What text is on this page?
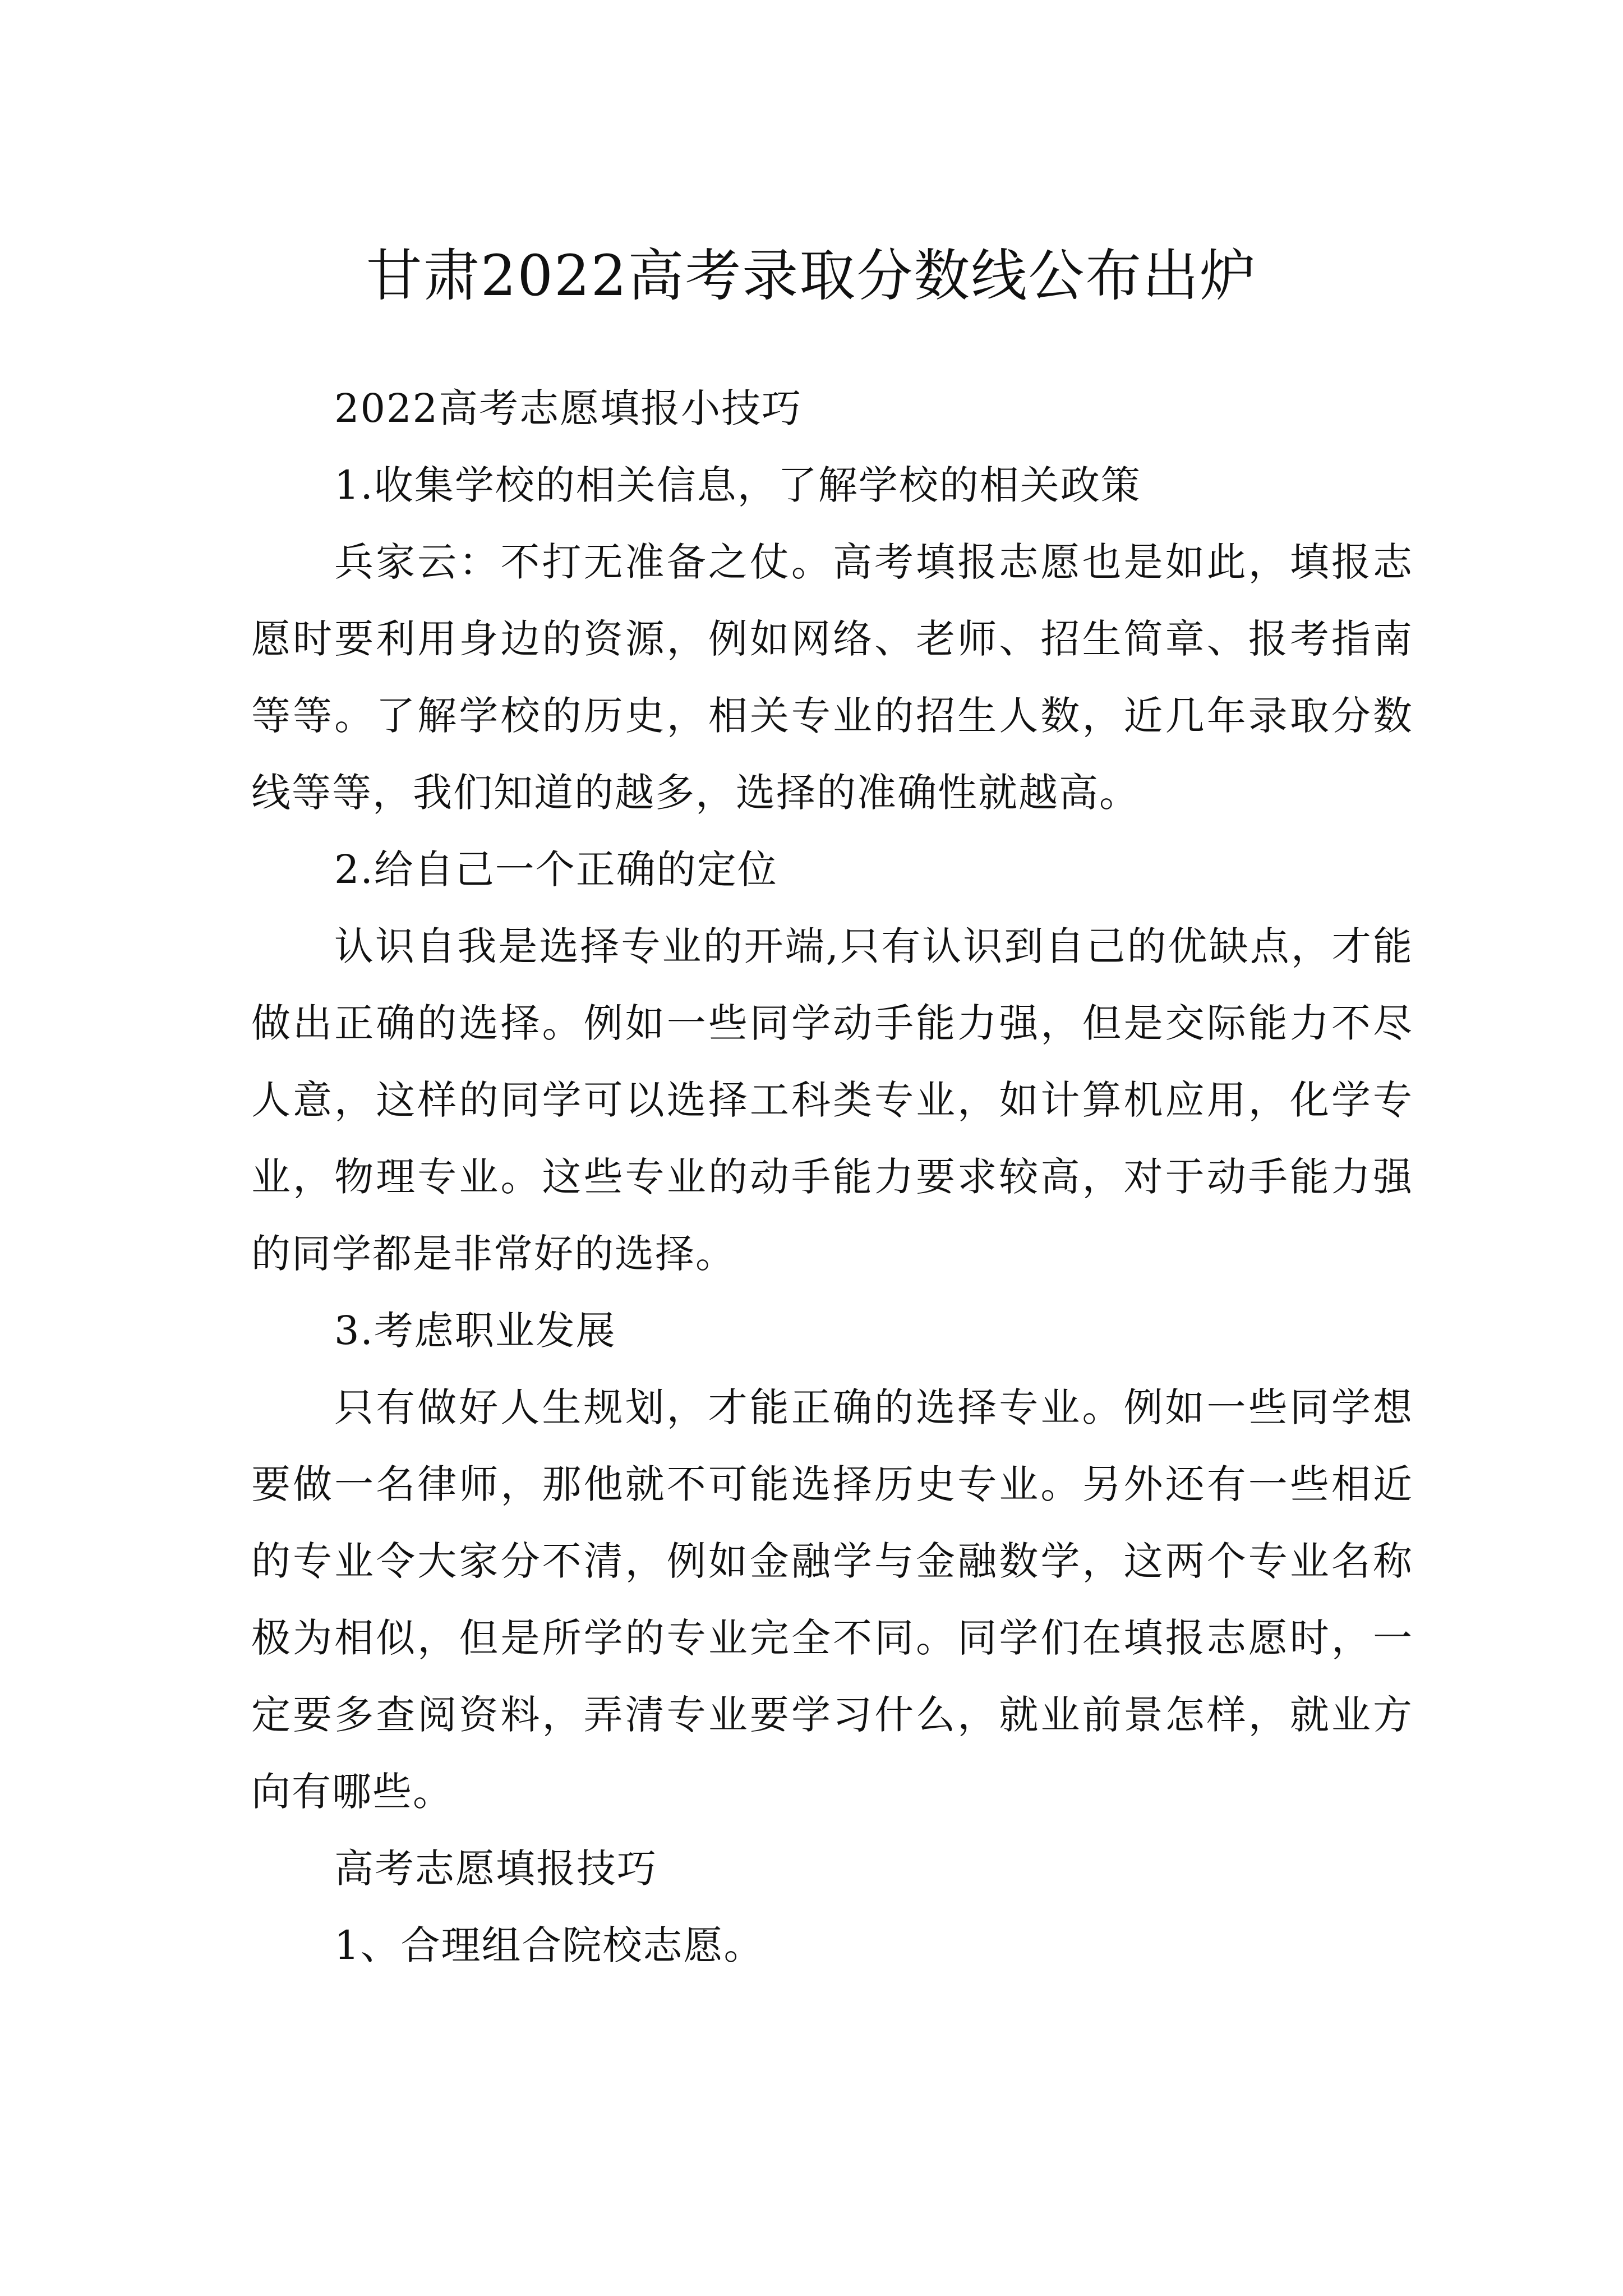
甘肃2022高考录取分数线公布出炉

2022高考志愿填报小技巧

1.收集学校的相关信息，了解学校的相关政策

兵家云：不打无准备之仗。高考填报志愿也是如此，填报志愿时要利用身边的资源，例如网络、老师、招生简章、报考指南等等。了解学校的历史，相关专业的招生人数，近几年录取分数线等等，我们知道的越多，选择的准确性就越高。

2.给自己一个正确的定位

认识自我是选择专业的开端,只有认识到自己的优缺点，才能做出正确的选择。例如一些同学动手能力强，但是交际能力不尽人意，这样的同学可以选择工科类专业，如计算机应用，化学专业，物理专业。这些专业的动手能力要求较高，对于动手能力强的同学都是非常好的选择。

3.考虑职业发展

只有做好人生规划，才能正确的选择专业。例如一些同学想要做一名律师，那他就不可能选择历史专业。另外还有一些相近的专业令大家分不清，例如金融学与金融数学，这两个专业名称极为相似，但是所学的专业完全不同。同学们在填报志愿时，一定要多查阅资料，弄清专业要学习什么，就业前景怎样，就业方向有哪些。

高考志愿填报技巧

1、合理组合院校志愿。
